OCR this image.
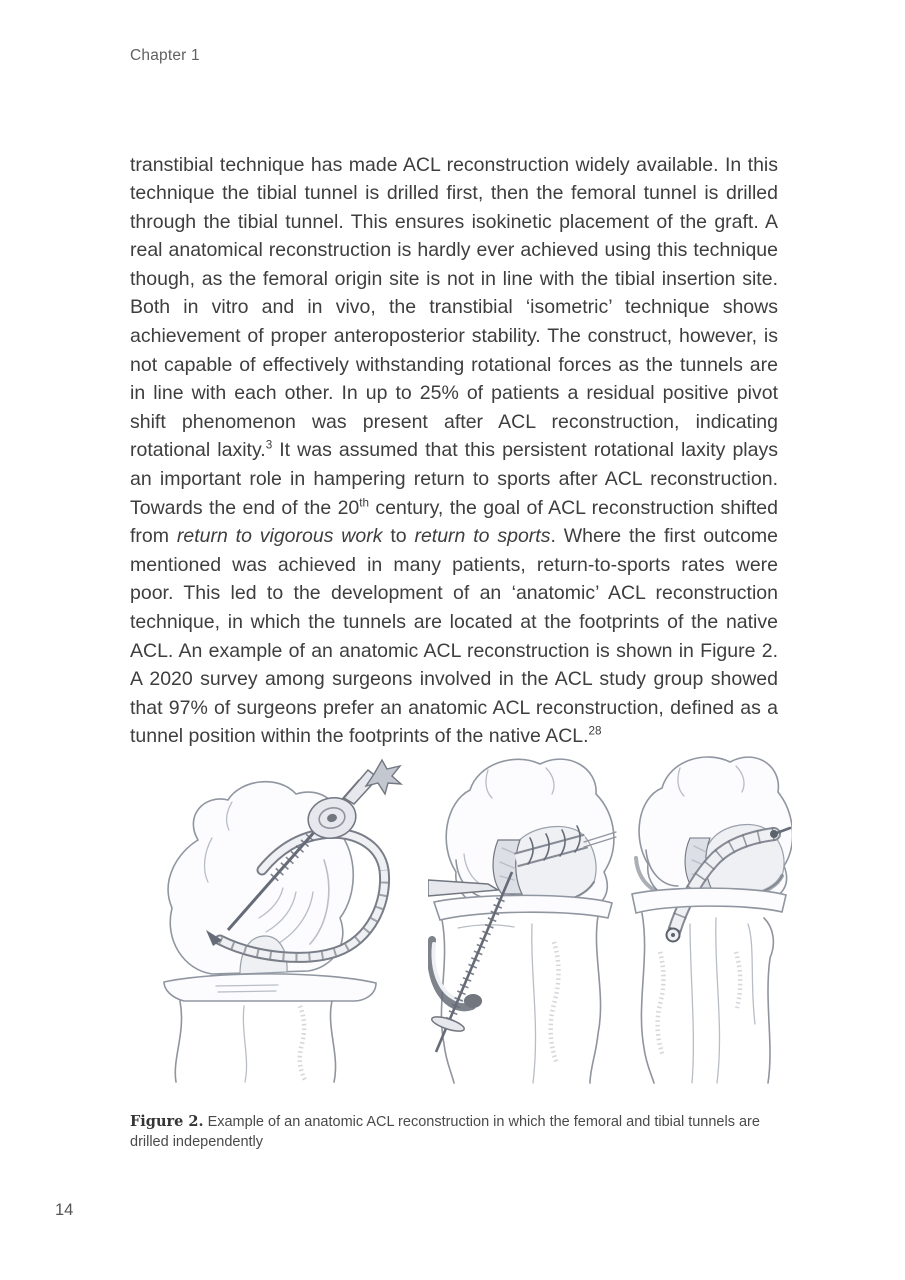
Chapter 1

transtibial technique has made ACL reconstruction widely available. In this technique the tibial tunnel is drilled first, then the femoral tunnel is drilled through the tibial tunnel. This ensures isokinetic placement of the graft. A real anatomical reconstruction is hardly ever achieved using this technique though, as the femoral origin site is not in line with the tibial insertion site. Both in vitro and in vivo, the transtibial ‘isometric’ technique shows achievement of proper anteroposterior stability. The construct, however, is not capable of effectively withstanding rotational forces as the tunnels are in line with each other. In up to 25% of patients a residual positive pivot shift phenomenon was present after ACL reconstruction, indicating rotational laxity.$^3$ It was assumed that this persistent rotational laxity plays an important role in hampering return to sports after ACL reconstruction. Towards the end of the 20th century, the goal of ACL reconstruction shifted from return to vigorous work to return to sports. Where the first outcome mentioned was achieved in many patients, return-to-sports rates were poor. This led to the development of an ‘anatomic’ ACL reconstruction technique, in which the tunnels are located at the footprints of the native ACL. An example of an anatomic ACL reconstruction is shown in Figure 2. A 2020 survey among surgeons involved in the ACL study group showed that 97% of surgeons prefer an anatomic ACL reconstruction, defined as a tunnel position within the footprints of the native ACL.$^{28}$

Figure 2. Example of an anatomic ACL reconstruction in which the femoral and tibial tunnels are drilled independently

14
